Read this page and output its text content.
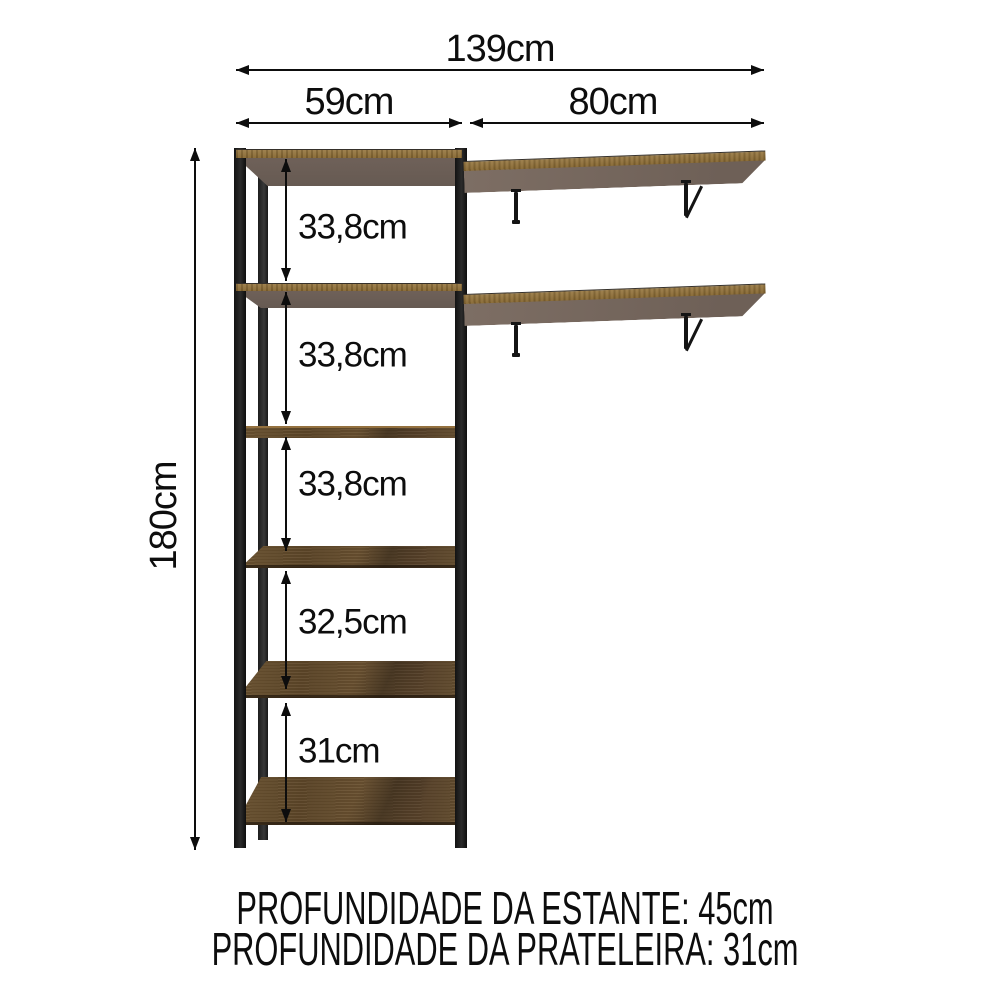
139cm
59cm	80cm
180cm
33,8cm
33,8cm
33,8cm
32,5cm
31cm
PROFUNDIDADE DA ESTANTE: 45cm
PROFUNDIDADE DA PRATELEIRA: 31cm
